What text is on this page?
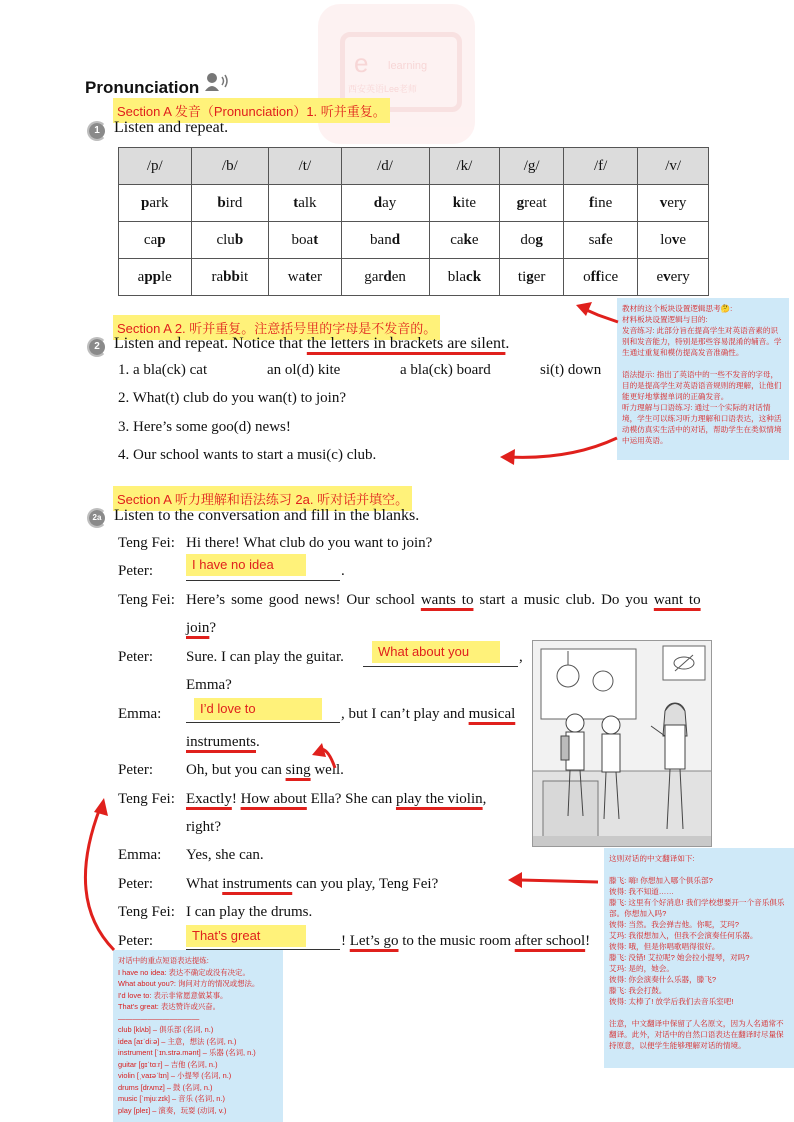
e learning
西安英语Lee老师
Pronunciation
Section A 发音（Pronunciation）1. 听并重复。
1 Listen and repeat.
/p/	/b/	/t/	/d/	/k/	/g/	/f/	/v/
park	bird	talk	day	kite	great	fine	very
cap	club	boat	band	cake	dog	safe	love
apple	rabbit	water	garden	black	tiger	office	every
Section A 2. 听并重复。注意括号里的字母是不发音的。
2 Listen and repeat. Notice that the letters in brackets are silent.
1. a bla(ck) cat	an ol(d) kite	a bla(ck) board	si(t) down
2. What(t) club do you wan(t) to join?
3. Here’s some goo(d) news!
4. Our school wants to start a musi(c) club.
Section A 听力理解和语法练习 2a. 听对话并填空。
2a Listen to the conversation and fill in the blanks.
Teng Fei: Hi there! What club do you want to join?
Peter:	I have no idea	.
Teng Fei: Here’s some good news! Our school wants to start a music club. Do you want to
join?
Peter: Sure. I can play the guitar.	What about you	,
Emma?
Emma:	I’d love to	, but I can’t play and musical
instruments.
Peter: Oh, but you can sing well.
Teng Fei: Exactly! How about Ella? She can play the violin,
right?
Emma: Yes, she can.
Peter: What instruments can you play, Teng Fei?
Teng Fei: I can play the drums.
Peter:	That’s great	! Let’s go to the music room after school!
教材的这个板块设置逻辑思考🤔:
材料板块设置逻辑与目的:
发音练习: 此部分旨在提高学生对英语音素的识别和发音能力，特别是那些容易混淆的辅音。学生通过重复和模仿提高发音准确性。

语法提示: 指出了英语中的一些不发音的字母，目的是提高学生对英语语音规则的理解，让他们能更好地掌握单词的正确发音。
听力理解与口语练习: 通过一个实际的对话情境，学生可以练习听力理解和口语表达，这种活动模仿真实生活中的对话，帮助学生在类似情境中运用英语。
这则对话的中文翻译如下:

滕飞: 嗨! 你想加入哪个俱乐部?
彼得: 我不知道……
滕飞: 这里有个好消息! 我们学校想要开一个音乐俱乐部。你想加入吗?
彼得: 当然。我会弹吉他。你呢，艾玛?
艾玛: 我很想加入，但我不会演奏任何乐器。
彼得: 哦，但是你唱歌唱得很好。
滕飞: 没错! 艾拉呢? 她会拉小提琴，对吗?
艾玛: 是的，她会。
彼得: 你会演奏什么乐器，滕飞?
滕飞: 我会打鼓。
彼得: 太棒了! 放学后我们去音乐室吧!

注意，中文翻译中保留了人名原文，因为人名通常不翻译。此外，对话中的自然口语表达在翻译时尽量保持原意，以便学生能够理解对话的情境。
对话中的重点短语表达提炼:
I have no idea: 表达不确定或没有决定。
What about you?: 询问对方的情况或想法。
I'd love to: 表示非常愿意做某事。
That's great: 表达赞许或兴奋。
———————————
club [klʌb] – 俱乐部 (名词, n.)
idea [aɪˈdiːə] – 主意，想法 (名词, n.)
instrument [ˈɪn.strə.mənt] – 乐器 (名词, n.)
guitar [gɪˈtɑːr] – 吉他 (名词, n.)
violin [ˌvaɪəˈlɪn] – 小提琴 (名词, n.)
drums [drʌmz] – 鼓 (名词, n.)
music [ˈmjuːzɪk] – 音乐 (名词, n.)
play [pleɪ] – 演奏，玩耍 (动词, v.)
